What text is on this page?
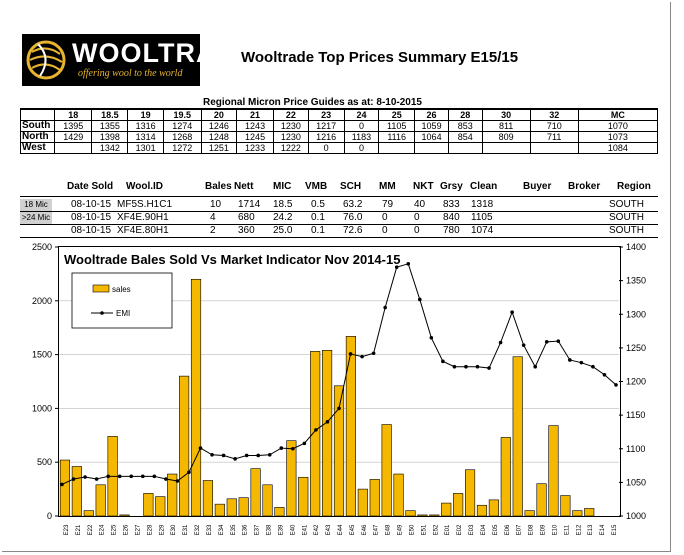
WOOLTRADE
offering wool to the world
Wooltrade Top Prices Summary E15/15
Regional Micron Price Guides as at: 8-10-2015
	18	18.5	19	19.5	20	21	22	23	24	25	26	28	30	32	MC
South	1395	1355	1316	1274	1246	1243	1230	1217	0	1105	1059	853	811	710	1070
North	1429	1398	1314	1268	1248	1245	1230	1216	1183	1116	1064	854	809	711	1073
West		1342	1301	1272	1251	1233	1222	0	0						1084
Date Sold Wool.ID	Bales Nett MIC VMB SCH MM NKT Grsy Clean	Buyer Broker Region
18 Mic	08-10-15 MF5S.H1C1	10 1714 18.5 0.5 63.2 79 40 833 1318	SOUTH
>24 Mic 08-10-15 XF4E.90H1	4 680 24.2 0.1 76.0 0	0 840 1105	SOUTH
08-10-15 XF4E.80H1	2 360 25.0 0.1 72.6 0	0 780 1074	SOUTH
0
500
1000
1500
2000
2500
1000
1050
1100
1150
1200
1250
1300
1350
1400
E23 E21 E22 E24 E25 E26 E27 E28 E29 E30 E31 E32 E33 E34 E35 E36 E37 E38 E39 E40 E41 E42 E43 E44 E45 E46 E47 E48 E49 E50 E51 E52 E01 E02 E03 E04 E05 E06 E07 E08 E09 E10 E11 E12 E13 E14 E15
sales
EMI
Wooltrade Bales Sold Vs Market Indicator Nov 2014-15
